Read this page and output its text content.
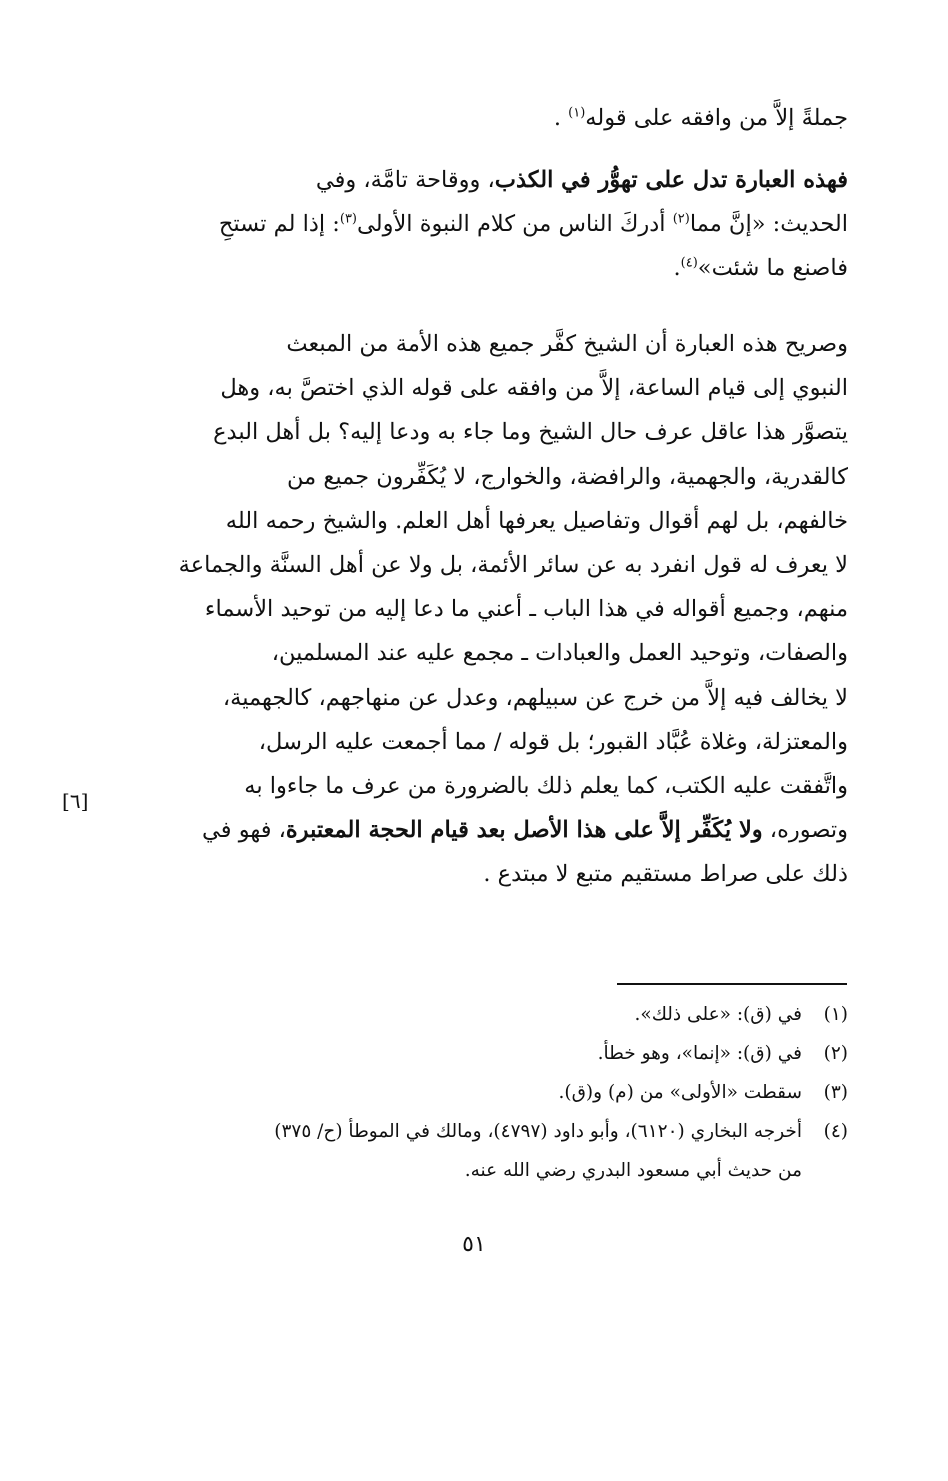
جملةً إلاَّ من وافقه على قوله$^{(١)}$ .
فهذه العبارة تدل على تهوُّر في الكذب، ووقاحة تامَّة، وفي
الحديث: «إنَّ مما$^{(٢)}$ أدركَ الناس من كلام النبوة الأولى$^{(٣)}$: إذا لم تستحِ
فاصنع ما شئت»$^{(٤)}$.
وصريح هذه العبارة أن الشيخ كفَّر جميع هذه الأمة من المبعث
النبوي إلى قيام الساعة، إلاَّ من وافقه على قوله الذي اختصَّ به، وهل
يتصوَّر هذا عاقل عرف حال الشيخ وما جاء به ودعا إليه؟ بل أهل البدع
كالقدرية، والجهمية، والرافضة، والخوارج، لا يُكَفِّرون جميع من
خالفهم، بل لهم أقوال وتفاصيل يعرفها أهل العلم. والشيخ رحمه الله
لا يعرف له قول انفرد به عن سائر الأئمة، بل ولا عن أهل السنَّة والجماعة
منهم، وجميع أقواله في هذا الباب ـ أعني ما دعا إليه من توحيد الأسماء
والصفات، وتوحيد العمل والعبادات ـ مجمع عليه عند المسلمين،
لا يخالف فيه إلاَّ من خرج عن سبيلهم، وعدل عن منهاجهم، كالجهمية،
والمعتزلة، وغلاة عُبَّاد القبور؛ بل قوله / مما أجمعت عليه الرسل،
واتَّفقت عليه الكتب، كما يعلم ذلك بالضرورة من عرف ما جاءوا به
وتصوره، ولا يُكَفِّر إلاَّ على هذا الأصل بعد قيام الحجة المعتبرة، فهو في
ذلك على صراط مستقيم متبع لا مبتدع .
[٦]
(١)
في (ق): «على ذلك».
(٢)
في (ق): «إنما»، وهو خطأ.
(٣)
سقطت «الأولى» من (م) و(ق).
(٤)
أخرجه البخاري (٦١٢٠)، وأبو داود (٤٧٩٧)، ومالك في الموطأ (ح/ ٣٧٥)
من حديث أبي مسعود البدري رضي الله عنه.
٥١
